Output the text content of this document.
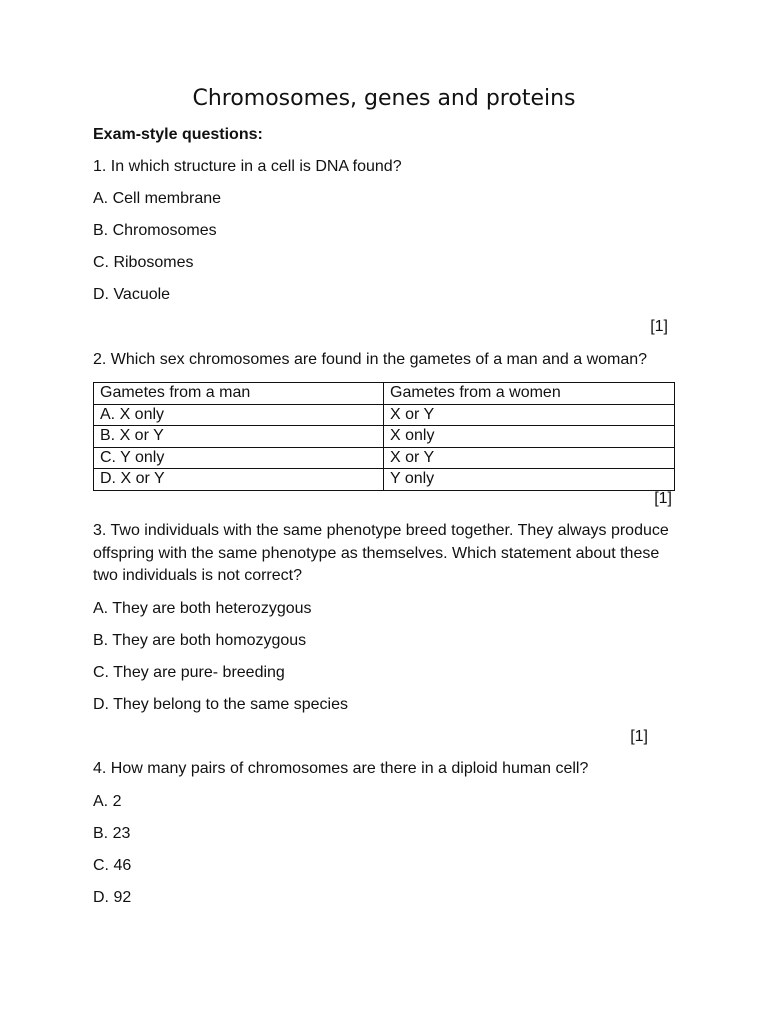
Chromosomes, genes and proteins
Exam-style questions:
1. In which structure in a cell is DNA found?
A. Cell membrane
B. Chromosomes
C. Ribosomes
D. Vacuole
[1]
2. Which sex chromosomes are found in the gametes of a man and a woman?
Gametes from a man	Gametes from a women
A. X only	X or Y
B. X or Y	X only
C. Y only	X or Y
D. X or Y	Y only
[1]
3. Two individuals with the same phenotype breed together. They always produce offspring with the same phenotype as themselves. Which statement about these two individuals is not correct?
A. They are both heterozygous
B. They are both homozygous
C. They are pure- breeding
D. They belong to the same species
[1]
4. How many pairs of chromosomes are there in a diploid human cell?
A. 2
B. 23
C. 46
D. 92
